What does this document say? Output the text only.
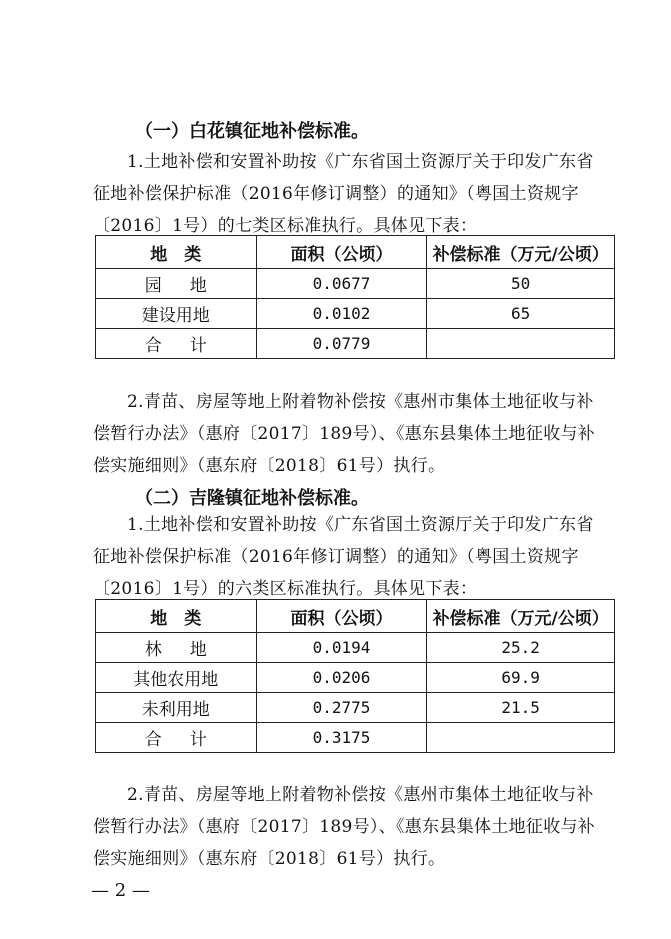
（一）白花镇征地补偿标准。
1.土地补偿和安置补助按《广东省国土资源厅关于印发广东省
征地补偿保护标准（2016年修订调整）的通知》（粤国土资规字
〔2016〕1号）的七类区标准执行。具体见下表：
地　类	面积（公顷）	补偿标准（万元/公顷）
园地	0.0677	50
建设用地	0.0102	65
合计	0.0779	
2.青苗、房屋等地上附着物补偿按《惠州市集体土地征收与补
偿暂行办法》（惠府〔2017〕189号）、《惠东县集体土地征收与补
偿实施细则》（惠东府〔2018〕61号）执行。
（二）吉隆镇征地补偿标准。
1.土地补偿和安置补助按《广东省国土资源厅关于印发广东省
征地补偿保护标准（2016年修订调整）的通知》（粤国土资规字
〔2016〕1号）的六类区标准执行。具体见下表：
地　类	面积（公顷）	补偿标准（万元/公顷）
林地	0.0194	25.2
其他农用地	0.0206	69.9
未利用地	0.2775	21.5
合计	0.3175	
2.青苗、房屋等地上附着物补偿按《惠州市集体土地征收与补
偿暂行办法》（惠府〔2017〕189号）、《惠东县集体土地征收与补
偿实施细则》（惠东府〔2018〕61号）执行。
— 2 —
